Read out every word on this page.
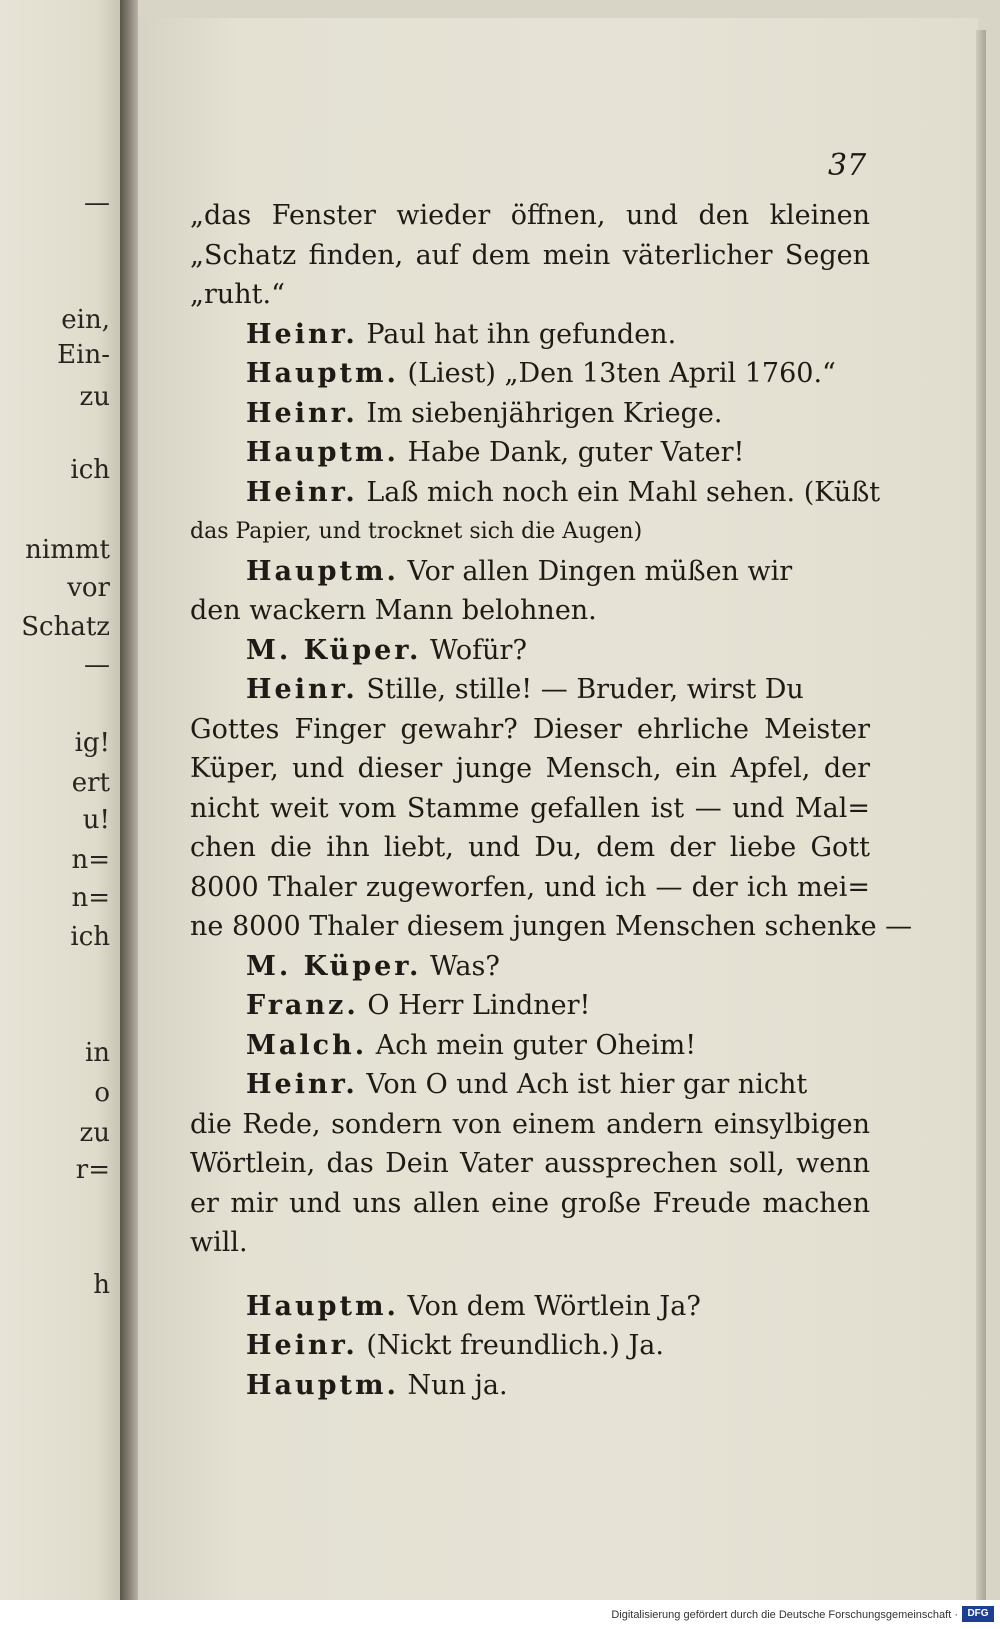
—
ein,
Ein-
zu
ich
nimmt
vor
Schatz
—
ig!
ert
u!
n=
n=
ich
in
o
zu
r=
h
37
„das Fenster wieder öffnen, und den kleinen
„Schatz finden, auf dem mein väterlicher Segen
„ruht.“
Heinr. Paul hat ihn gefunden.
Hauptm. (Liest) „Den 13ten April 1760.“
Heinr. Im siebenjährigen Kriege.
Hauptm. Habe Dank, guter Vater!
Heinr. Laß mich noch ein Mahl sehen. (Küßt
das Papier, und trocknet sich die Augen)
Hauptm. Vor allen Dingen müßen wir
den wackern Mann belohnen.
M. Küper. Wofür?
Heinr. Stille, stille! — Bruder, wirst Du
Gottes Finger gewahr? Dieser ehrliche Meister
Küper, und dieser junge Mensch, ein Apfel, der
nicht weit vom Stamme gefallen ist — und Mal=
chen die ihn liebt, und Du, dem der liebe Gott
8000 Thaler zugeworfen, und ich — der ich mei=
ne 8000 Thaler diesem jungen Menschen schenke —
M. Küper. Was?
Franz. O Herr Lindner!
Malch. Ach mein guter Oheim!
Heinr. Von O und Ach ist hier gar nicht
die Rede, sondern von einem andern einsylbigen
Wörtlein, das Dein Vater aussprechen soll, wenn
er mir und uns allen eine große Freude machen
will.
Hauptm. Von dem Wörtlein Ja?
Heinr. (Nickt freundlich.) Ja.
Hauptm. Nun ja.
Digitalisierung gefördert durch die Deutsche Forschungsgemeinschaft · DFG
